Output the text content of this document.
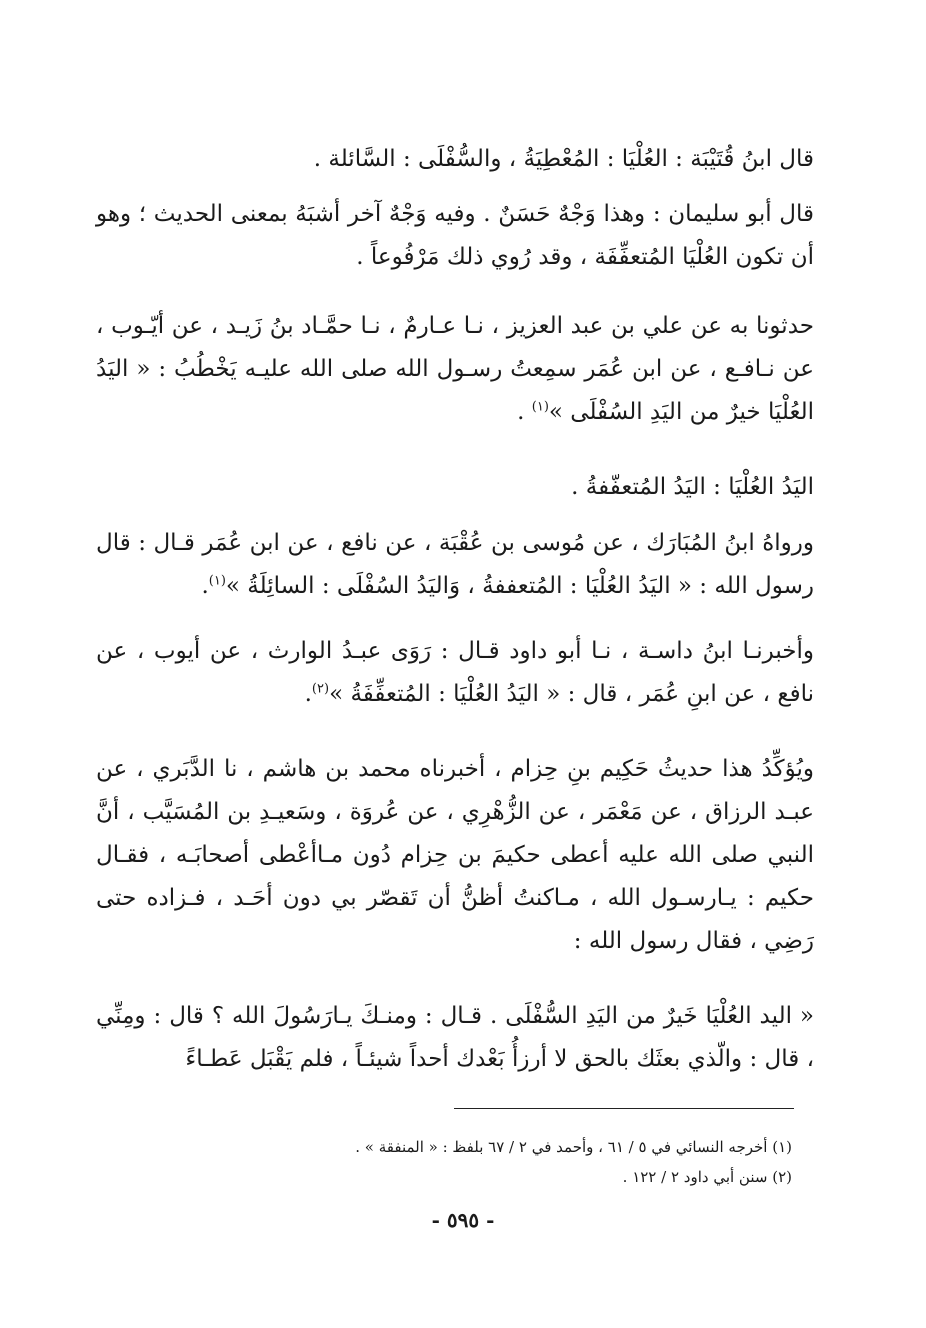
قال ابنُ قُتَيْبَة : العُلْيَا : المُعْطِيَةُ ، والسُّفْلَى : السَّائلة .

قال أبو سليمان : وهذا وَجْهٌ حَسَنٌ . وفيه وَجْهٌ آخر أشبَهُ بمعنى الحديث ؛ وهو أن تكون العُلْيَا المُتعفِّفَة ، وقد رُوي ذلك مَرْفُوعاً .

حدثونا به عن علي بن عبد العزيز ، نـا عـارمٌ ، نـا حمَّـاد بنُ زَيـد ، عن أيّـوب ، عن نـافـع ، عن ابن عُمَر سمِعتُ رسـول الله صلى الله عليـه يَخْطُبُ : « اليَدُ العُلْيَا خيرٌ من اليَدِ السُفْلَى »$^{(١)}$ .

اليَدُ العُلْيَا : اليَدُ المُتعفّفةُ .

ورواهُ ابنُ المُبَارَك ، عن مُوسى بن عُقْبَة ، عن نافع ، عن ابن عُمَر قـال : قال رسول الله : « اليَدُ العُلْيَا : المُتعففةُ ، وَاليَدُ السُفْلَى : السائِلَةُ »$^{(١)}$.

وأخبرنـا ابنُ داسـة ، نـا أبو داود قـال : رَوَى عبـدُ الوارث ، عن أيوب ، عن نافع ، عن ابنِ عُمَر ، قال : « اليَدُ العُلْيَا : المُتعفِّفَةُ »$^{(٢)}$.

ويُؤكِّدُ هذا حديثُ حَكِيم بنِ حِزام ، أخبرناه محمد بن هاشم ، نا الدَّبَري ، عن عبـد الرزاق ، عن مَعْمَر ، عن الزُّهْرِي ، عن عُروَة ، وسَعيـدِ بن المُسَيَّب ، أنَّ النبي صلى الله عليه أعطى حكيمَ بن حِزام دُون مـاأعْطى أصحابَـه ، فقـال حكيم : يـارسـول الله ، مـاكنتُ أظنُّ أن تَقصّر بي دون أحَـد ، فـزاده حتى رَضِي ، فقال رسول الله :

« اليد العُلْيَا خَيرٌ من اليَدِ السُّفْلَى . قـال : ومنـكَ يـارَسُولَ الله ؟ قال : ومِنِّي ، قال : والّذي بعثَك بالحق لا أرزأُ بَعْدك أحداً شيئـاً ، فلم يَقْبَل عَطـاءً

(١) أخرجه النسائي في ٥ / ٦١ ، وأحمد في ٢ / ٦٧ بلفظ : « المنفقة » .

(٢) سنن أبي داود ٢ / ١٢٢ .

- ٥٩٥ -
